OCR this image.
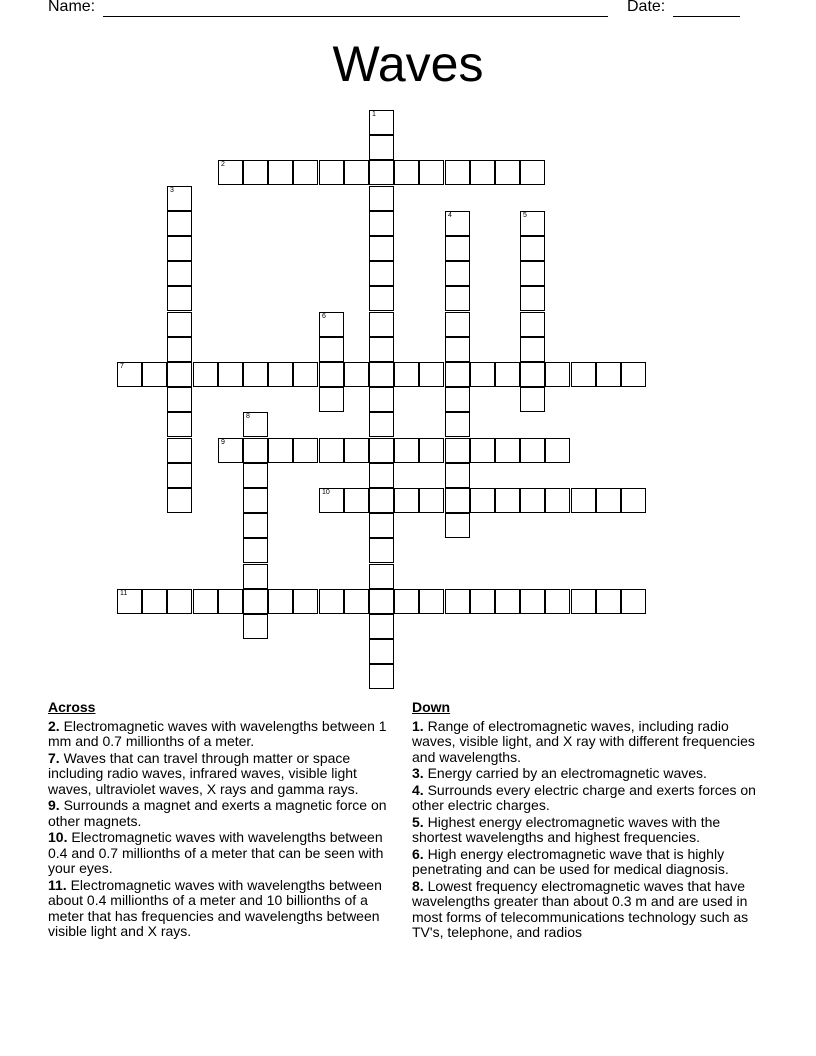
Name:	Date:
Waves
1
2
3
4	5
6
7
8
9
10
11
Across
2. Electromagnetic waves with wavelengths between 1 mm and 0.7 millionths of a meter.
7. Waves that can travel through matter or space including radio waves, infrared waves, visible light waves, ultraviolet waves, X rays and gamma rays.
9. Surrounds a magnet and exerts a magnetic force on other magnets.
10. Electromagnetic waves with wavelengths between 0.4 and 0.7 millionths of a meter that can be seen with your eyes.
11. Electromagnetic waves with wavelengths between about 0.4 millionths of a meter and 10 billionths of a meter that has frequencies and wavelengths between visible light and X rays.
Down
1. Range of electromagnetic waves, including radio waves, visible light, and X ray with different frequencies and wavelengths.
3. Energy carried by an electromagnetic waves.
4. Surrounds every electric charge and exerts forces on other electric charges.
5. Highest energy electromagnetic waves with the shortest wavelengths and highest frequencies.
6. High energy electromagnetic wave that is highly penetrating and can be used for medical diagnosis.
8. Lowest frequency electromagnetic waves that have wavelengths greater than about 0.3 m and are used in most forms of telecommunications technology such as TV's, telephone, and radios
